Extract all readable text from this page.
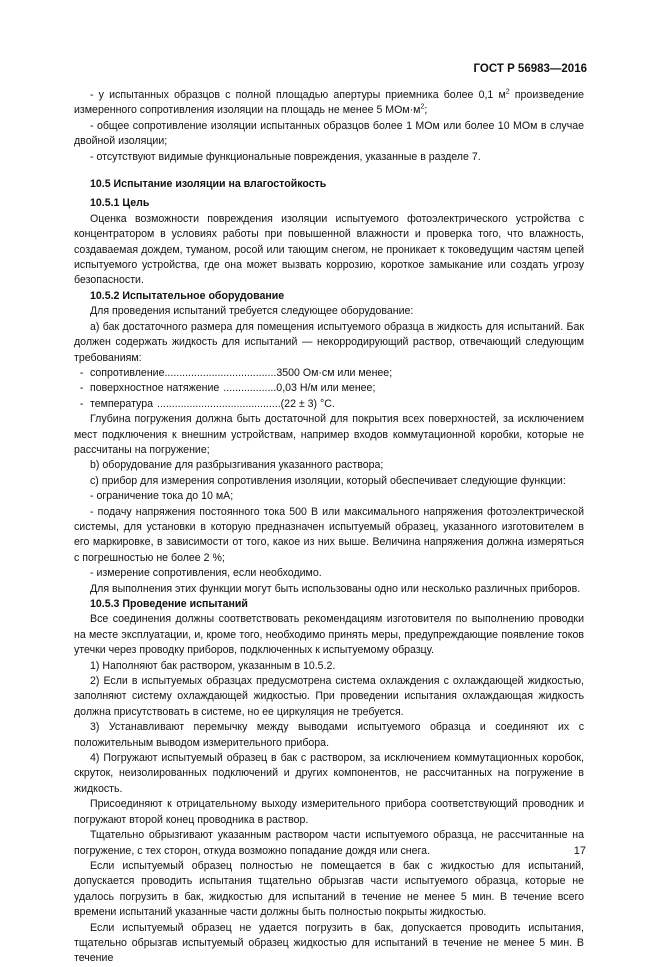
ГОСТ Р 56983—2016

- у испытанных образцов с полной площадью апертуры приемника более 0,1 $м^2$ произведение измеренного сопротивления изоляции на площадь не менее 5 $МОм\cdot м^2$;

- общее сопротивление изоляции испытанных образцов более 1 МОм или более 10 МОм в случае двойной изоляции;

- отсутствуют видимые функциональные повреждения, указанные в разделе 7.

10.5 Испытание изоляции на влагостойкость

10.5.1 Цель

Оценка возможности повреждения изоляции испытуемого фотоэлектрического устройства с концентратором в условиях работы при повышенной влажности и проверка того, что влажность, создаваемая дождем, туманом, росой или тающим снегом, не проникает к токоведущим частям цепей испытуемого устройства, где она может вызвать коррозию, короткое замыкание или создать угрозу безопасности.

10.5.2 Испытательное оборудование

Для проведения испытаний требуется следующее оборудование:

а) бак достаточного размера для помещения испытуемого образца в жидкость для испытаний. Бак должен содержать жидкость для испытаний — некорродирующий раствор, отвечающий следующим требованиям:

- сопротивление ...................................... 3500 Ом·см или менее;
- поверхностное натяжение .................. 0,03 Н/м или менее;
- температура .......................................... (22 ± 3) °С.

Глубина погружения должна быть достаточной для покрытия всех поверхностей, за исключением мест подключения к внешним устройствам, например входов коммутационной коробки, которые не рассчитаны на погружение;

b) оборудование для разбрызгивания указанного раствора;

с) прибор для измерения сопротивления изоляции, который обеспечивает следующие функции:

- ограничение тока до 10 мА;

- подачу напряжения постоянного тока 500 В или максимального напряжения фотоэлектрической системы, для установки в которую предназначен испытуемый образец, указанного изготовителем в его маркировке, в зависимости от того, какое из них выше. Величина напряжения должна измеряться с погрешностью не более 2 %;

- измерение сопротивления, если необходимо.

Для выполнения этих функции могут быть использованы одно или несколько различных приборов.

10.5.3 Проведение испытаний

Все соединения должны соответствовать рекомендациям изготовителя по выполнению проводки на месте эксплуатации, и, кроме того, необходимо принять меры, предупреждающие появление токов утечки через проводку приборов, подключенных к испытуемому образцу.

1) Наполняют бак раствором, указанным в 10.5.2.

2) Если в испытуемых образцах предусмотрена система охлаждения с охлаждающей жидкостью, заполняют систему охлаждающей жидкостью. При проведении испытания охлаждающая жидкость должна присутствовать в системе, но ее циркуляция не требуется.

3) Устанавливают перемычку между выводами испытуемого образца и соединяют их с положительным выводом измерительного прибора.

4) Погружают испытуемый образец в бак с раствором, за исключением коммутационных коробок, скруток, неизолированных подключений и других компонентов, не рассчитанных на погружение в жидкость.

Присоединяют к отрицательному выходу измерительного прибора соответствующий проводник и погружают второй конец проводника в раствор.

Тщательно обрызгивают указанным раствором части испытуемого образца, не рассчитанные на погружение, с тех сторон, откуда возможно попадание дождя или снега.

Если испытуемый образец полностью не помещается в бак с жидкостью для испытаний, допускается проводить испытания тщательно обрызгав части испытуемого образца, которые не удалось погрузить в бак, жидкостью для испытаний в течение не менее 5 мин. В течение всего времени испытаний указанные части должны быть полностью покрыты жидкостью.

Если испытуемый образец не удается погрузить в бак, допускается проводить испытания, тщательно обрызгав испытуемый образец жидкостью для испытаний в течение не менее 5 мин. В течение

17
